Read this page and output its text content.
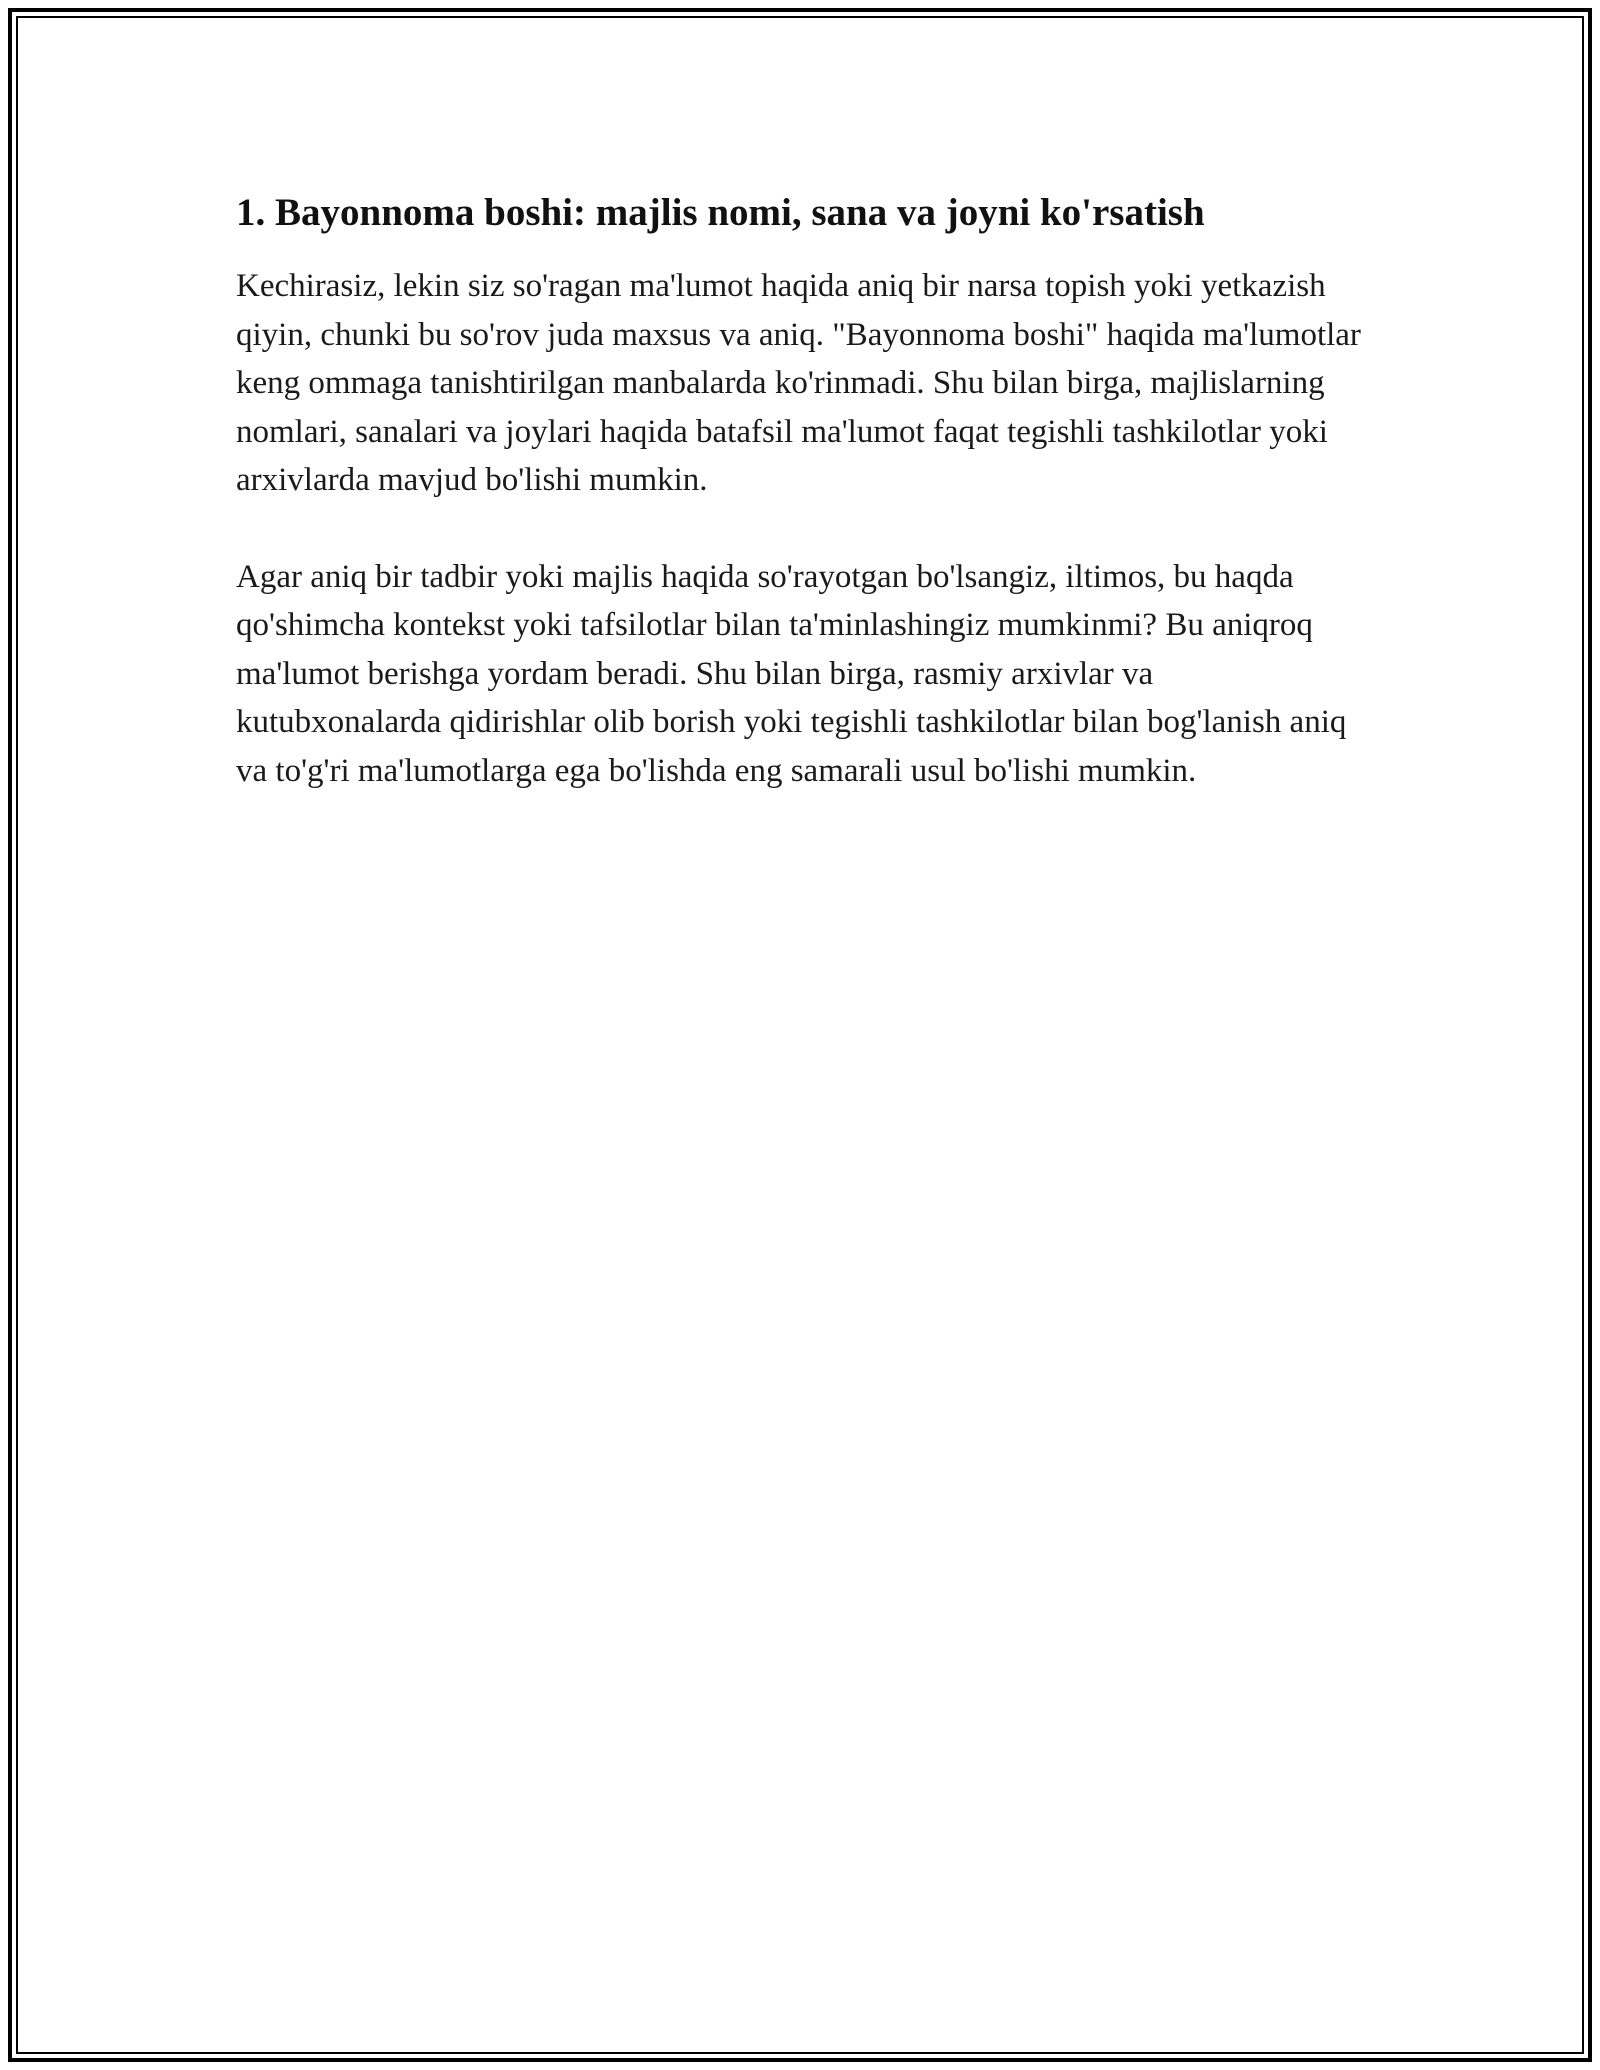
1. Bayonnoma boshi: majlis nomi, sana va joyni ko'rsatish

Kechirasiz, lekin siz so'ragan ma'lumot haqida aniq bir narsa topish yoki yetkazish qiyin, chunki bu so'rov juda maxsus va aniq. "Bayonnoma boshi" haqida ma'lumotlar keng ommaga tanishtirilgan manbalarda ko'rinmadi. Shu bilan birga, majlislarning nomlari, sanalari va joylari haqida batafsil ma'lumot faqat tegishli tashkilotlar yoki arxivlarda mavjud bo'lishi mumkin.

Agar aniq bir tadbir yoki majlis haqida so'rayotgan bo'lsangiz, iltimos, bu haqda qo'shimcha kontekst yoki tafsilotlar bilan ta'minlashingiz mumkinmi? Bu aniqroq ma'lumot berishga yordam beradi. Shu bilan birga, rasmiy arxivlar va kutubxonalarda qidirishlar olib borish yoki tegishli tashkilotlar bilan bog'lanish aniq va to'g'ri ma'lumotlarga ega bo'lishda eng samarali usul bo'lishi mumkin.
